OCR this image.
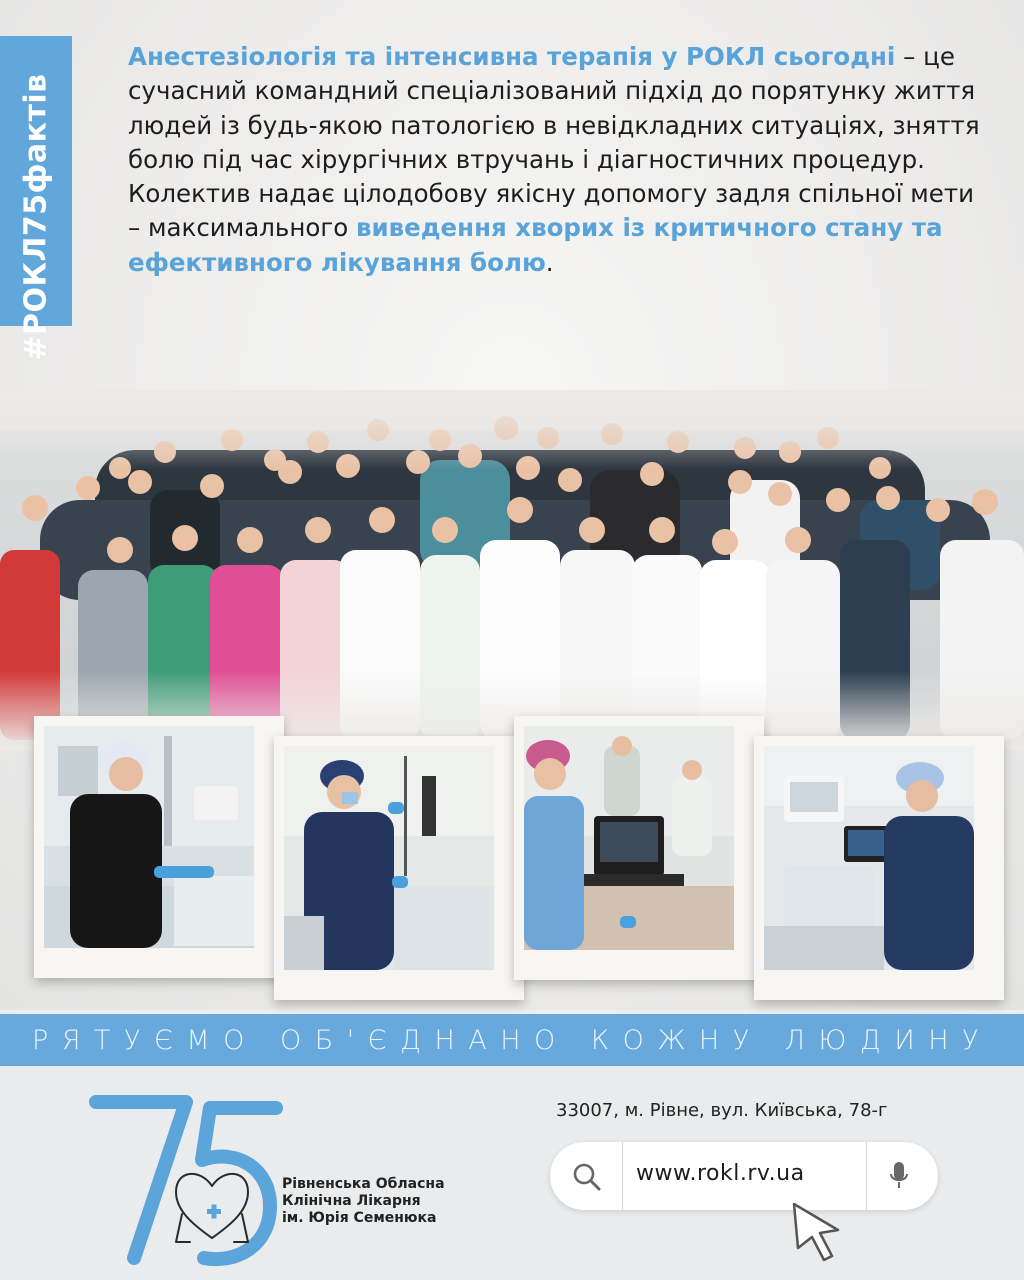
#РОКЛ75фактів
Анестезіологія та інтенсивна терапія у РОКЛ сьогодні – це сучасний командний спеціалізований підхід до порятунку життя людей із будь-якою патологією в невідкладних ситуаціях, зняття болю під час хірургічних втручань і діагностичних процедур. Колектив надає цілодобову якісну допомогу задля спільної мети – максимального виведення хворих із критичного стану та ефективного лікування болю.
РЯТУЄМО ОБ'ЄДНАНО КОЖНУ ЛЮДИНУ
Рівненська Обласна
Клінічна Лікарня
ім. Юрія Семенюка
33007, м. Рівне, вул. Київська, 78-г
www.rokl.rv.ua
